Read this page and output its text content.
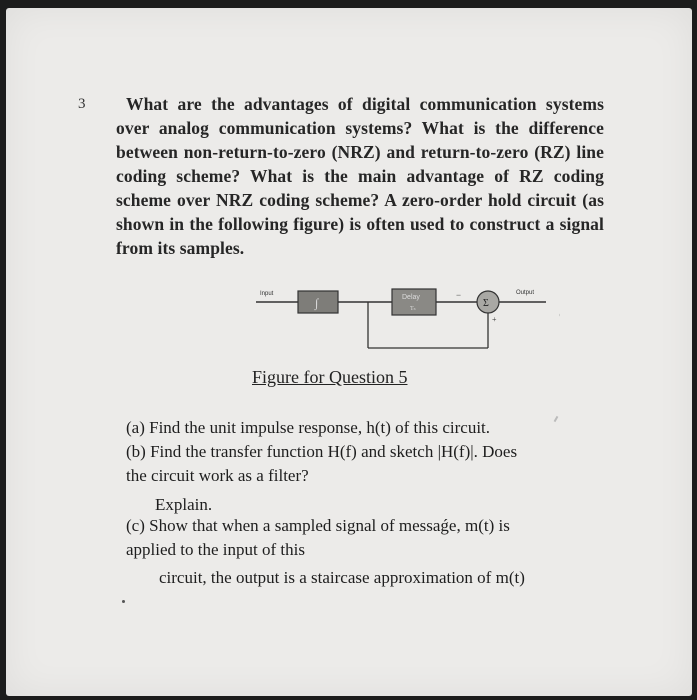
3	What are the advantages of digital communication systems over analog communication systems? What is the difference between non-return-to-zero (NRZ) and return-to-zero (RZ) line coding scheme? What is the main advantage of RZ coding scheme over NRZ coding scheme? A zero-order hold circuit (as shown in the following figure) is often used to construct a signal from its samples.
Input
∫	Delay
Tₛ
−
+
Σ
Output
Figure for Question 5
(a) Find the unit impulse response, h(t) of this circuit.
(b) Find the transfer function H(f) and sketch |H(f)|. Does
the circuit work as a filter?
Explain.
(c) Show that when a sampled signal of messaǵe, m(t) is
applied to the input of this
circuit, the output is a staircase approximation of m(t)
